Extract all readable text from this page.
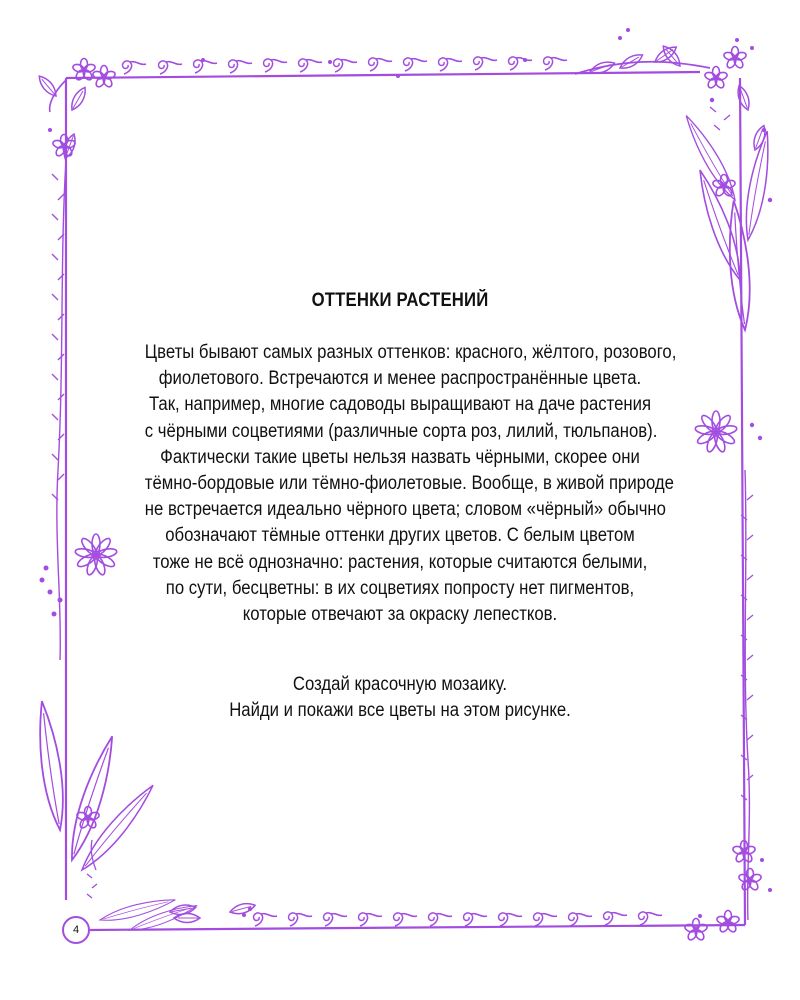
ОТТЕНКИ РАСТЕНИЙ
Цветы бывают самых разных оттенков: красного, жёлтого, розового,
фиолетового. Встречаются и менее распространённые цвета.
Так, например, многие садоводы выращивают на даче растения
с чёрными соцветиями (различные сорта роз, лилий, тюльпанов).
Фактически такие цветы нельзя назвать чёрными, скорее они
тёмно-бордовые или тёмно-фиолетовые. Вообще, в живой природе
не встречается идеально чёрного цвета; словом «чёрный» обычно
обозначают тёмные оттенки других цветов. С белым цветом
тоже не всё однозначно: растения, которые считаются белыми,
по сути, бесцветны: в их соцветиях попросту нет пигментов,
которые отвечают за окраску лепестков.
Создай красочную мозаику.
Найди и покажи все цветы на этом рисунке.
4
